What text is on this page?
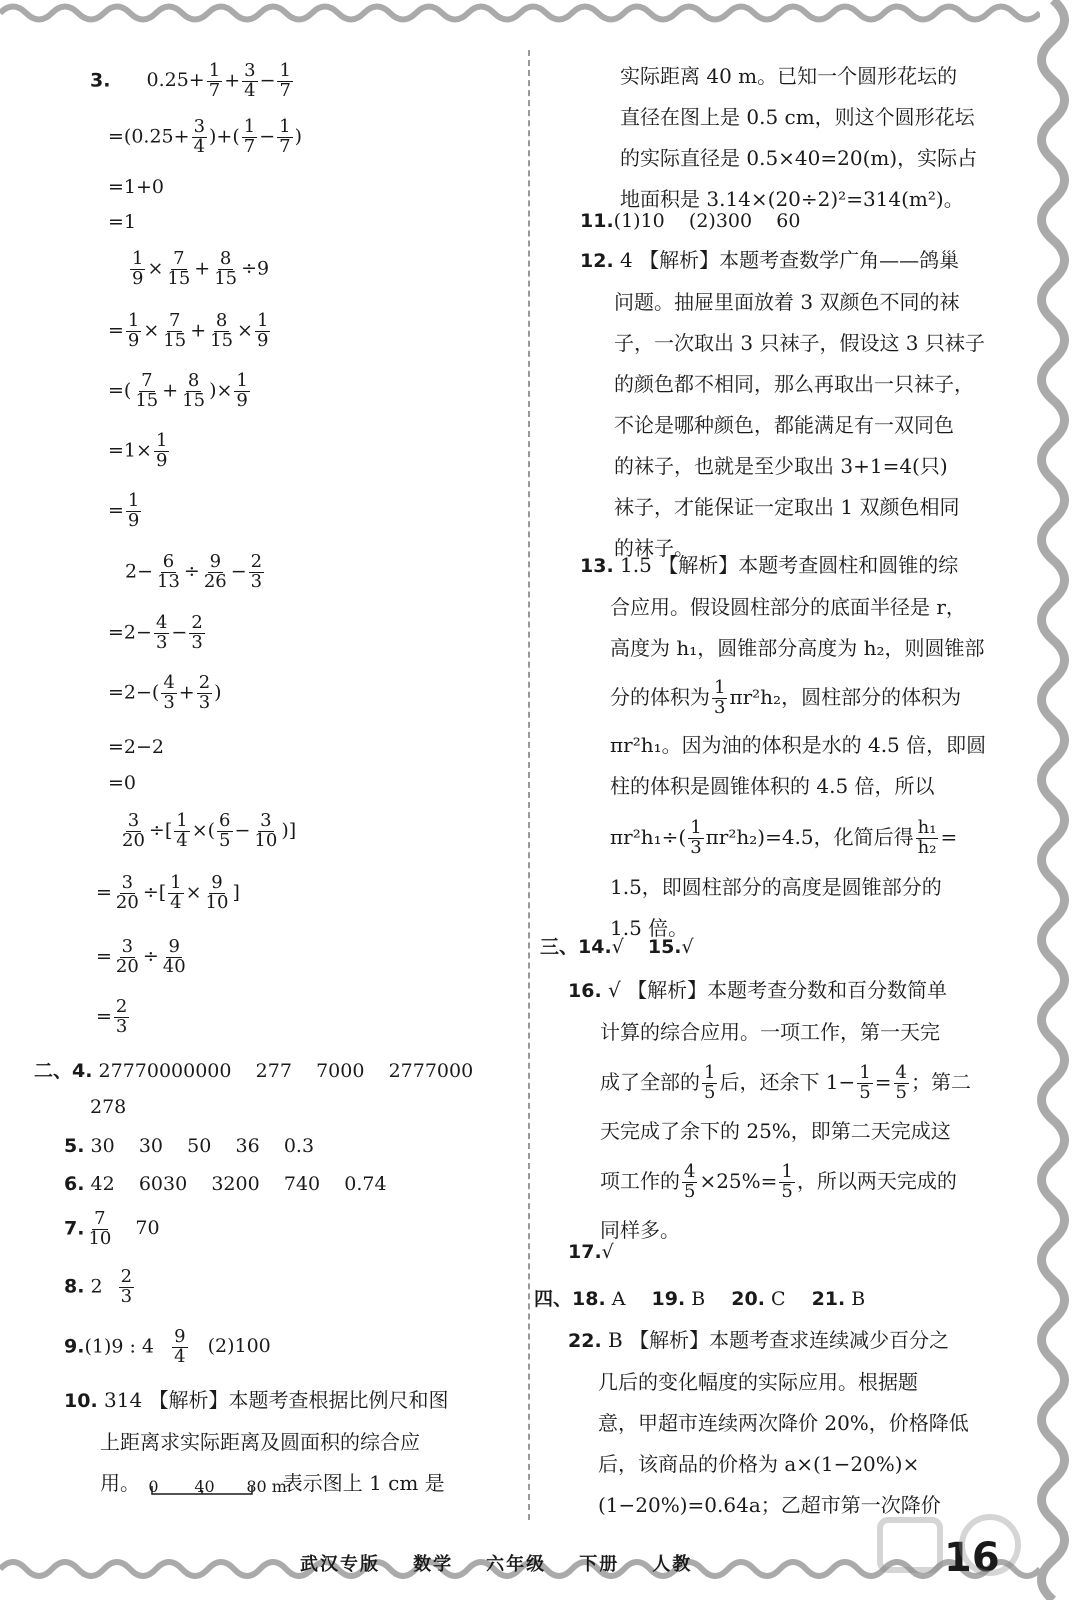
3. $0.25+ \frac{1}{7} + \frac{3}{4} - \frac{1}{7}$
$=(0.25+ \frac{3}{4}$ )+( $\frac{1}{7} - \frac{1}{7}$ )
=1+0
=1
$\frac{1}{9} \times \frac{7}{15} + \frac{8}{15} \div 9$
= $\frac{1}{9} \times \frac{7}{15} + \frac{8}{15} \times \frac{1}{9}$
=( $\frac{7}{15} + \frac{8}{15}$ )× $\frac{1}{9}$
$=1\times \frac{1}{9}$
= $\frac{1}{9}$
$2- \frac{6}{13} \div \frac{9}{26} - \frac{2}{3}$
$=2- \frac{4}{3} - \frac{2}{3}$
$=2-( \frac{4}{3} + \frac{2}{3}$ )
=2−2
=0
$\frac{3}{20}$ ÷[ $\frac{1}{4}$ ×( $\frac{6}{5} - \frac{3}{10}$ )]
= $\frac{3}{20}$ ÷[ $\frac{1}{4} \times \frac{9}{10}$ ]
= $\frac{3}{20} \div \frac{9}{40}$
= $\frac{2}{3}$
二、4. 27770000000    277    7000    2777000
278
5. 30    30    50    36    0.3
6. 42    6030    3200    740    0.74
7. $\frac{7}{10} 70$
8. $2 \frac{2}{3}$
9.(1)9 : $4 \frac{9}{4} (2)100$
10. 314 【解析】本题考查根据比例尺和图
上距离求实际距离及圆面积的综合应
用。 0 40 80 m
表示图上 1 cm 是
实际距离 40 m。已知一个圆形花坛的
直径在图上是 0.5 cm，则这个圆形花坛
的实际直径是 0.5×40=20(m)，实际占
地面积是 3.14×(20÷2)²=314(m²)。
11.(1)10    (2)300    60
12. 4 【解析】本题考查数学广角——鸽巢
问题。抽屉里面放着 3 双颜色不同的袜
子，一次取出 3 只袜子，假设这 3 只袜子
的颜色都不相同，那么再取出一只袜子，
不论是哪种颜色，都能满足有一双同色
的袜子，也就是至少取出 3+1=4(只)
袜子，才能保证一定取出 1 双颜色相同
的袜子。
13. 1.5 【解析】本题考查圆柱和圆锥的综
合应用。假设圆柱部分的底面半径是 r，
高度为 h₁，圆锥部分高度为 h₂，则圆锥部
分的体积为 $\frac{1}{3} \pi r^2h_2$，圆柱部分的体积为
πr²h₁。因为油的体积是水的 4.5 倍，即圆
柱的体积是圆锥体积的 4.5 倍，所以
$\pi r^2h_1\div( \frac{1}{3} \pi r^2h_2)=4.5$，化简后得 $\frac{\text{h₁}}{\text{h₂}}$ =
1.5，即圆柱部分的高度是圆锥部分的
1.5 倍。
三、14.√ 15.√
16. √ 【解析】本题考查分数和百分数简单
计算的综合应用。一项工作，第一天完
成了全部的 $\frac{1}{5}$ 后，还余下 $1- \frac{1}{5} = \frac{4}{5}$ ；第二
天完成了余下的 25%，即第二天完成这
项工作的 $\frac{4}{5} \times 25\%= \frac{1}{5}$ ，所以两天完成的
同样多。
17.√
四、18. A 19. B 20. C 21. B
22. B 【解析】本题考查求连续减少百分之
几后的变化幅度的实际应用。根据题
意，甲超市连续两次降价 20%，价格降低
后，该商品的价格为 a×(1−20%)×
(1−20%)=0.64a；乙超市第一次降价
武汉专版    数学    六年级    下册    人教	16
